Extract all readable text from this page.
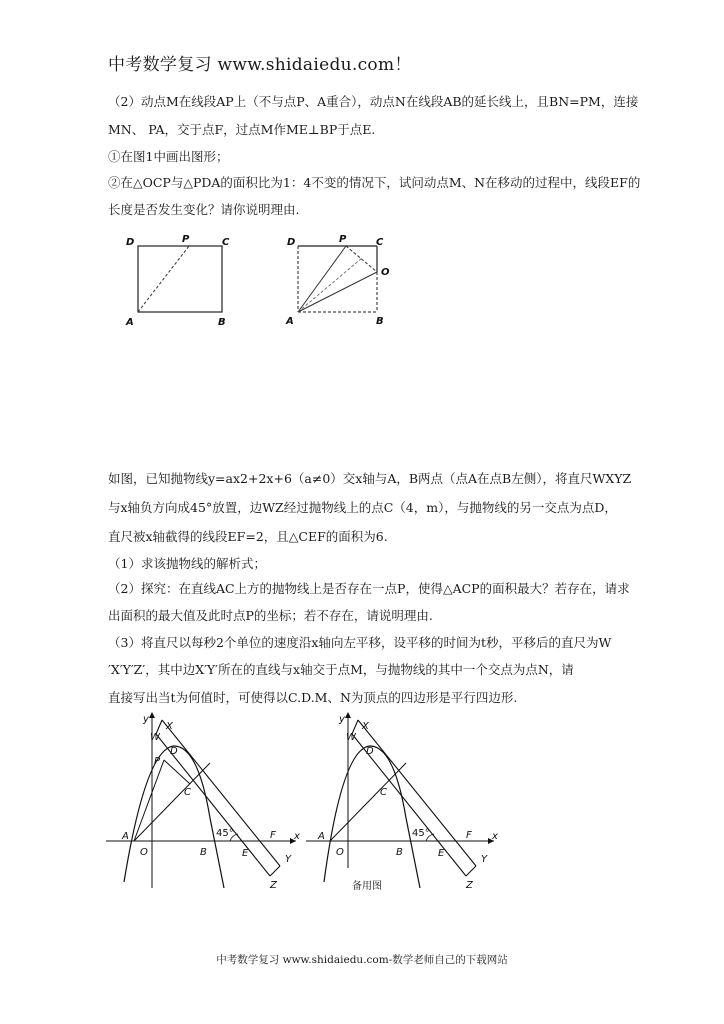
中考数学复习 www.shidaiedu.com！
（2）动点M在线段AP上（不与点P、A重合），动点N在线段AB的延长线上，且BN=PM，连接
MN、 PA，交于点F，过点M作ME⊥BP于点E.
①在图1中画出图形；
②在△OCP与△PDA的面积比为1：4不变的情况下，试问动点M、N在移动的过程中，线段EF的
长度是否发生变化？请你说明理由.
D	P	C
A	B
D	P	C
O
A	B
如图，已知抛物线y=ax2+2x+6（a≠0）交x轴与A，B两点（点A在点B左侧），将直尺WXYZ
与x轴负方向成45°放置，边WZ经过抛物线上的点C（4，m），与抛物线的另一交点为点D，
直尺被x轴截得的线段EF=2，且△CEF的面积为6.
（1）求该抛物线的解析式；
（2）探究：在直线AC上方的抛物线上是否存在一点P，使得△ACP的面积最大？若存在，请求
出面积的最大值及此时点P的坐标；若不存在，请说明理由.
（3）将直尺以每秒2个单位的速度沿x轴向左平移，设平移的时间为t秒，平移后的直尺为W
′X′Y′Z′，其中边X′Y′所在的直线与x轴交于点M，与抛物线的其中一个交点为点N，请
直接写出当t为何值时，可使得以C.D.M、N为顶点的四边形是平行四边形.
y
X
W
D
P
C
A
O	B	E
F x
Y
Z
45°
y
X
W
D
C
A
O	B	E
F x
Y
Z
45°
备用图
中考数学复习 www.shidaiedu.com-数学老师自己的下载网站
